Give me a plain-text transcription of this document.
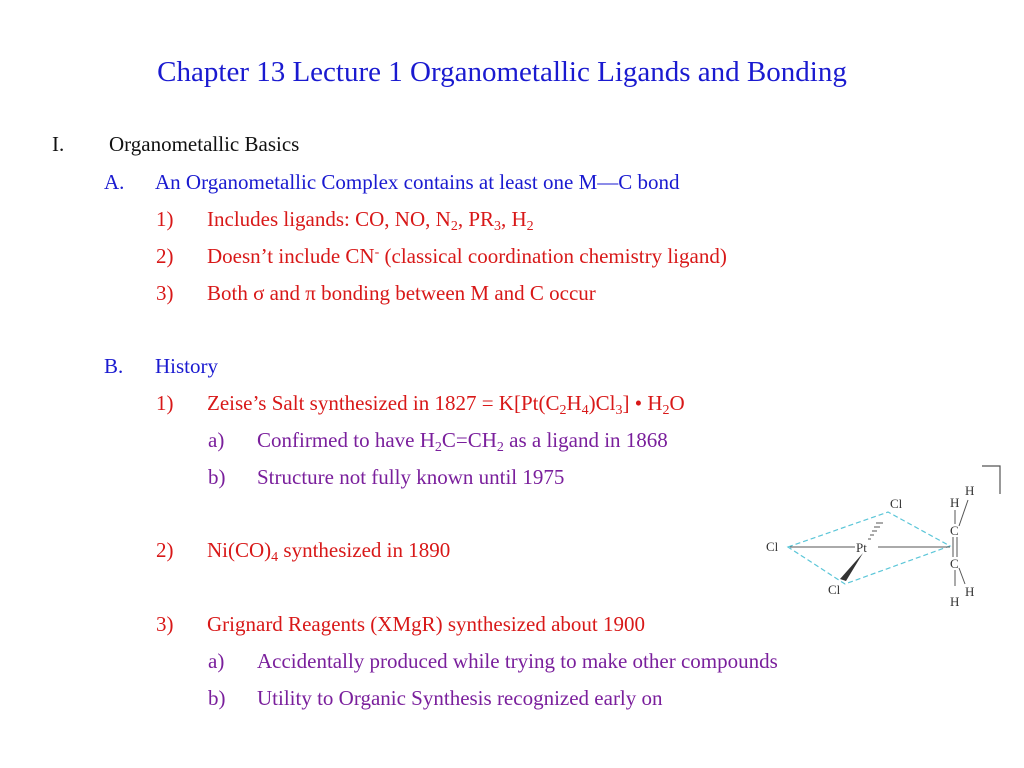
Chapter 13 Lecture 1 Organometallic Ligands and Bonding
I. Organometallic Basics
A. An Organometallic Complex contains at least one M—C bond
1) Includes ligands: CO, NO, $N_2$, $PR_3$, $H_2$
2) Doesn’t include CN- (classical coordination chemistry ligand)
3) Both σ and π bonding between M and C occur
B. History
1) Zeise’s Salt synthesized in $1827 = K[Pt(C_2H_4)Cl_3]$ • $H_2O$
a) Confirmed to have $H_2C=CH_2$ as a ligand in 1868
b) Structure not fully known until 1975
2) $Ni(CO)_4$ synthesized in 1890
3) Grignard Reagents (XMgR) synthesized about 1900
a) Accidentally produced while trying to make other compounds
b) Utility to Organic Synthesis recognized early on
Cl
Cl	Pt
Cl
C
C
H
H
H
H
